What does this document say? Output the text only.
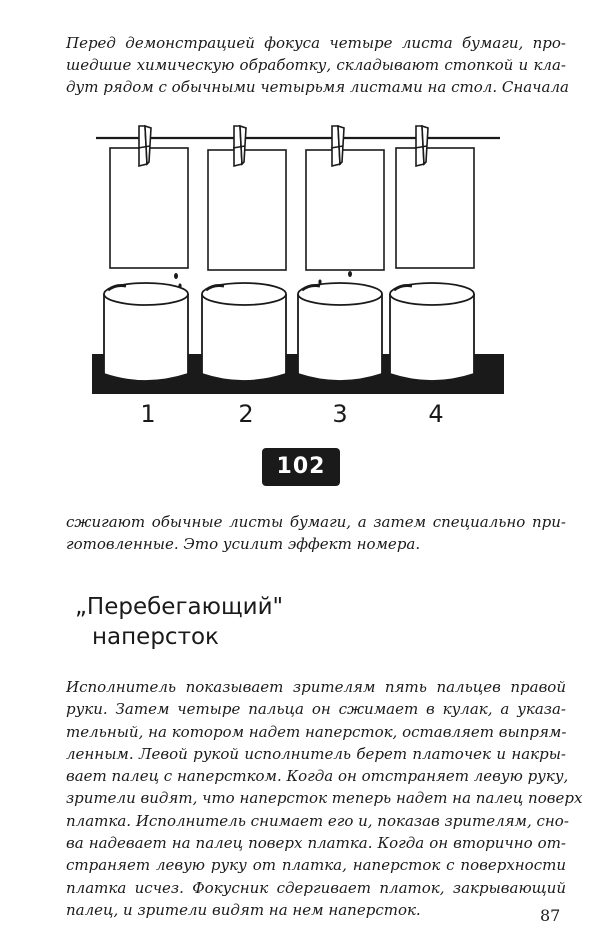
Перед демонстрацией фокуса четыре листа бумаги, про-
шедшие химическую обработку, складывают стопкой и кла-
дут рядом с обычными четырьмя листами на стол. Сначала
1	2	3	4
102
сжигают обычные листы бумаги, а затем специально при-
готовленные. Это усилит эффект номера.
„Перебегающий"
наперсток
Исполнитель показывает зрителям пять пальцев правой
руки. Затем четыре пальца он сжимает в кулак, а указа-
тельный, на котором надет наперсток, оставляет выпрям-
ленным. Левой рукой исполнитель берет платочек и накры-
вает палец с наперстком. Когда он отстраняет левую руку,
зрители видят, что наперсток теперь надет на палец поверх
платка. Исполнитель снимает его и, показав зрителям, сно-
ва надевает на палец поверх платка. Когда он вторично от-
страняет левую руку от платка, наперсток с поверхности
платка исчез. Фокусник сдергивает платок, закрывающий
палец, и зрители видят на нем наперсток.	87
